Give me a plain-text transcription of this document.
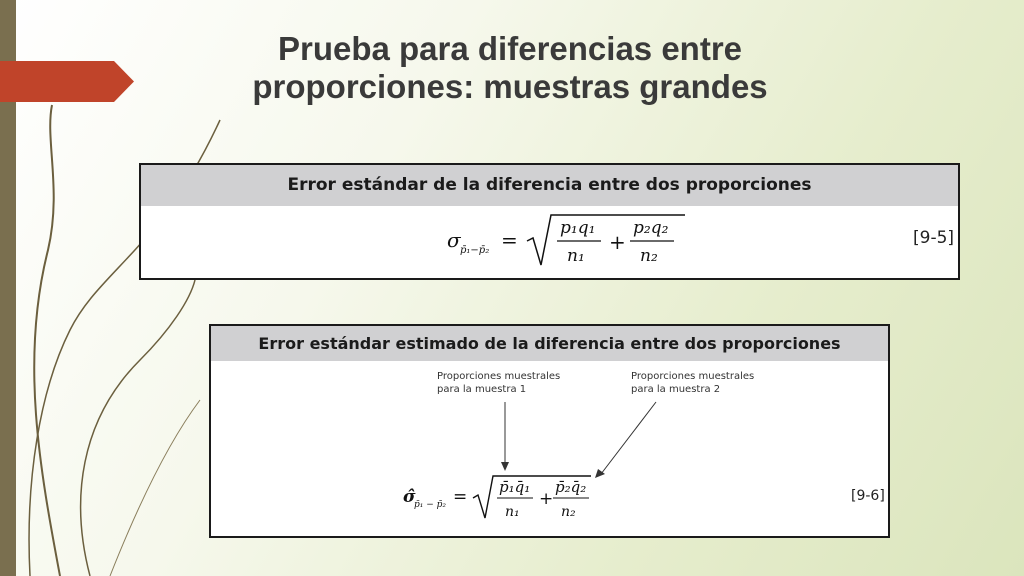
Prueba para diferencias entre
proporciones: muestras grandes
Error estándar de la diferencia entre dos proporciones
σ p̄₁−p̄₂ = p₁q₁
n₁
+
p₂q₂
n₂
[9-5]
Error estándar estimado de la diferencia entre dos proporciones
Proporciones muestrales
para la muestra 1
Proporciones muestrales
para la muestra 2
σ̂
p̄₁ − p̄₂ = p̄₁q̄₁
n₁
+
p̄₂q̄₂
n₂
[9-6]
